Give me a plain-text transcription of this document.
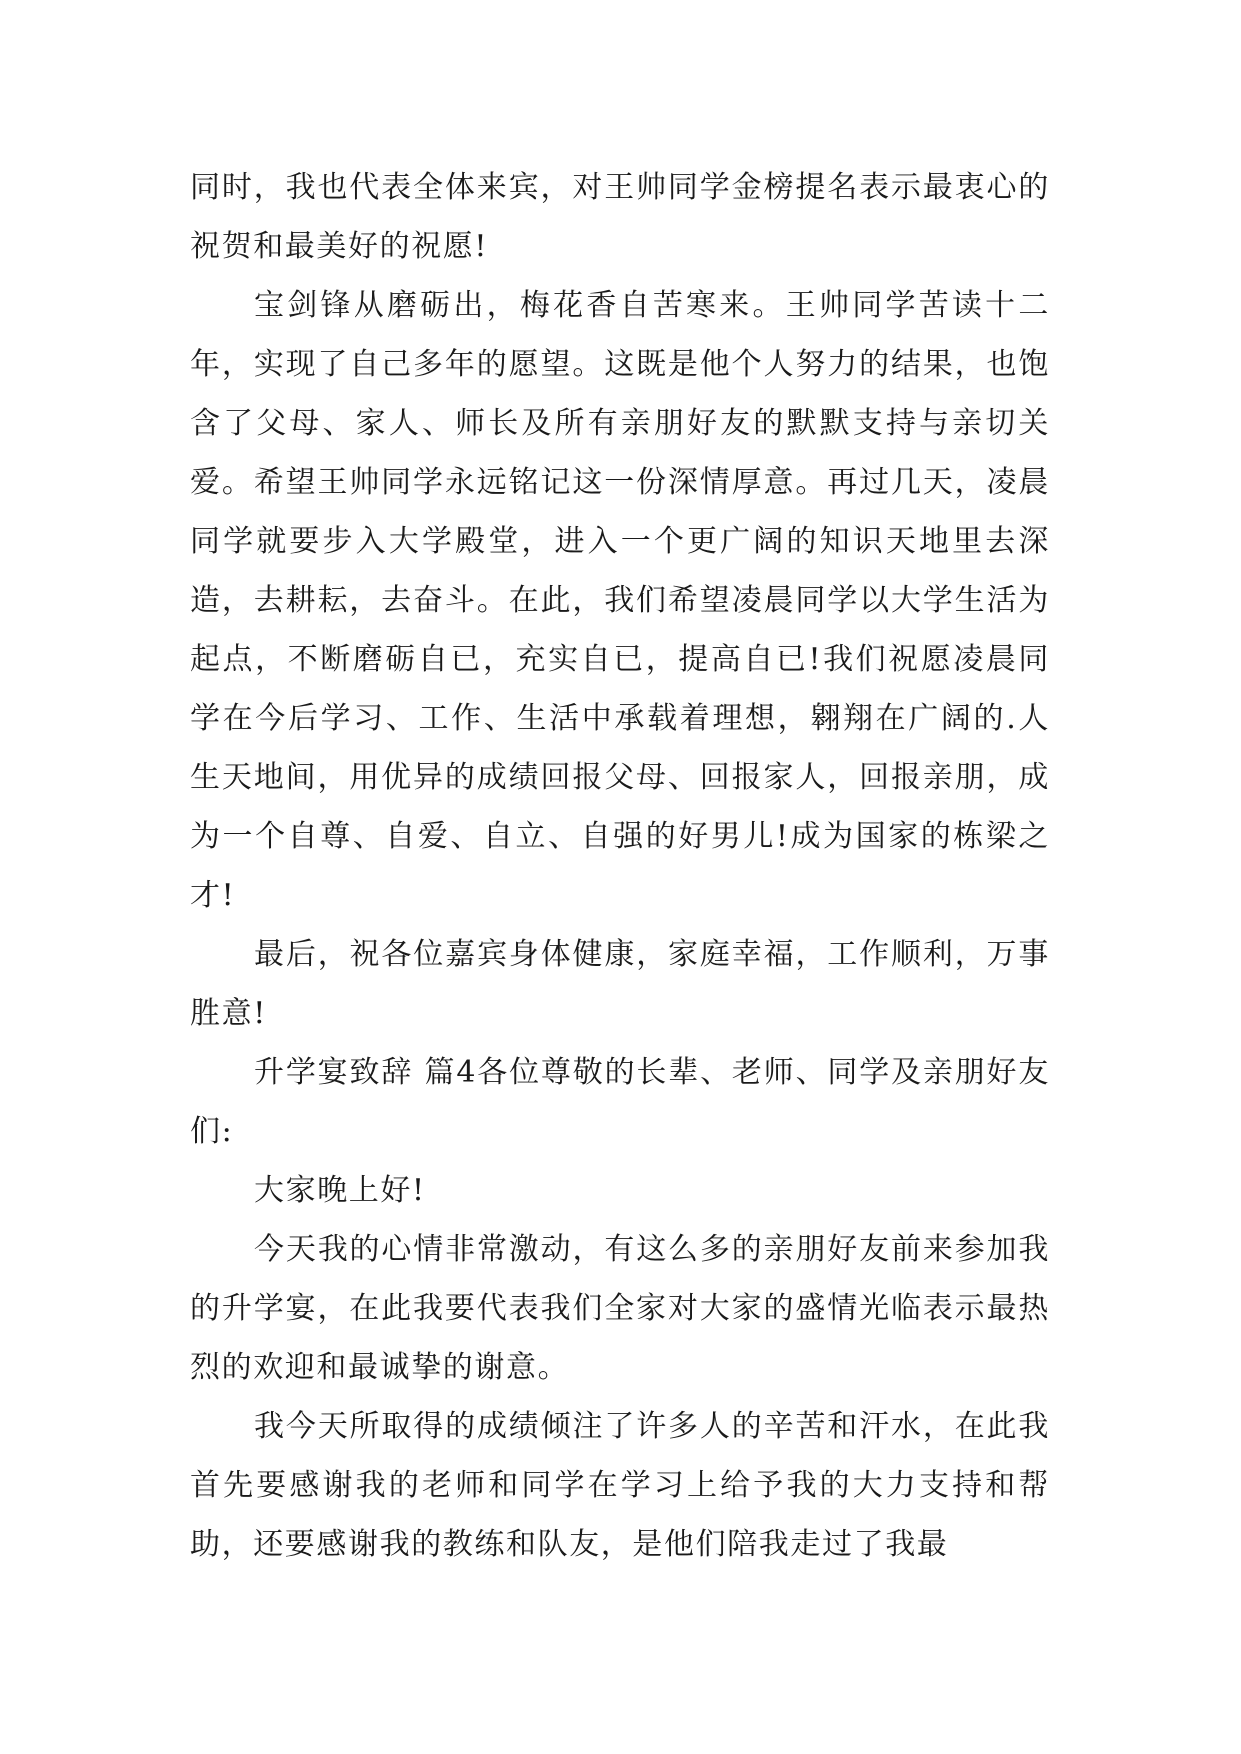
同时，我也代表全体来宾，对王帅同学金榜提名表示最衷心的祝贺和最美好的祝愿!

宝剑锋从磨砺出，梅花香自苦寒来。王帅同学苦读十二年，实现了自己多年的愿望。这既是他个人努力的结果，也饱含了父母、家人、师长及所有亲朋好友的默默支持与亲切关爱。希望王帅同学永远铭记这一份深情厚意。再过几天，凌晨同学就要步入大学殿堂，进入一个更广阔的知识天地里去深造，去耕耘，去奋斗。在此，我们希望凌晨同学以大学生活为起点，不断磨砺自已，充实自已，提高自已!我们祝愿凌晨同学在今后学习、工作、生活中承载着理想，翱翔在广阔的.人生天地间，用优异的成绩回报父母、回报家人，回报亲朋，成为一个自尊、自爱、自立、自强的好男儿!成为国家的栋梁之才!

最后，祝各位嘉宾身体健康，家庭幸福，工作顺利，万事胜意!

升学宴致辞 篇4各位尊敬的长辈、老师、同学及亲朋好友们:

大家晚上好!

今天我的心情非常激动，有这么多的亲朋好友前来参加我的升学宴，在此我要代表我们全家对大家的盛情光临表示最热烈的欢迎和最诚挚的谢意。

我今天所取得的成绩倾注了许多人的辛苦和汗水，在此我首先要感谢我的老师和同学在学习上给予我的大力支持和帮助，还要感谢我的教练和队友，是他们陪我走过了我最
